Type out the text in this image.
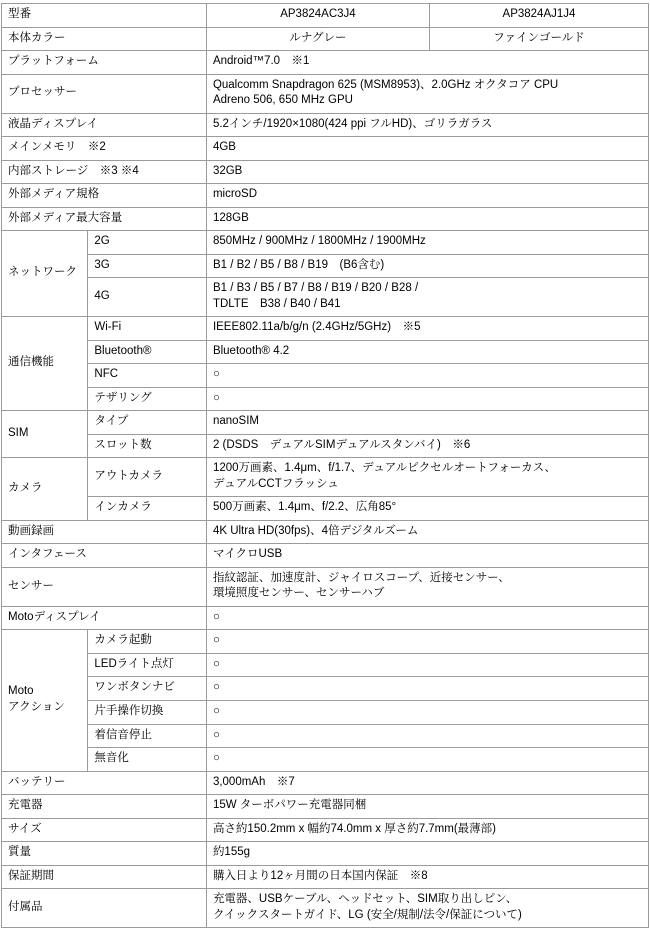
型番		AP3824AC3J4	AP3824AJ1J4
本体カラー		ルナグレー	ファインゴールド
プラットフォーム		Android™7.0　※1	
プロセッサー		Qualcomm Snapdragon 625 (MSM8953)、2.0GHz オクタコア CPU
Adreno 506, 650 MHz GPU	

液晶ディスプレイ		5.2インチ/1920×1080(424 ppi フルHD)、ゴリラガラス	
メインメモリ　※2		4GB	
内部ストレージ　※3 ※4		32GB	
外部メディア規格		microSD	
外部メディア最大容量		128GB	
ネットワーク	2G	850MHz / 900MHz / 1800MHz / 1900MHz	
	3G	B1 / B2 / B5 / B8 / B19　(B6含む)	
	4G	B1 / B3 / B5 / B7 / B8 / B19 / B20 / B28 /
TDLTE　B38 / B40 / B41	

通信機能	Wi-Fi	IEEE802.11a/b/g/n (2.4GHz/5GHz)　※5	
	Bluetooth®	Bluetooth® 4.2	
	NFC	○	
	テザリング	○	
SIM	タイプ	nanoSIM	
	スロット数	2 (DSDS　デュアルSIMデュアルスタンバイ)　※6	
カメラ	アウトカメラ	1200万画素、1.4μm、f/1.7、デュアルピクセルオートフォーカス、
デュアルCCTフラッシュ	

	インカメラ	500万画素、1.4μm、f/2.2、広角85°	
動画録画		4K Ultra HD(30fps)、4倍デジタルズーム	
インタフェース		マイクロUSB	
センサー		指紋認証、加速度計、ジャイロスコープ、近接センサー、
環境照度センサー、センサーハブ	

Motoディスプレイ		○	

Moto
アクション	カメラ起動	○	
	LEDライト点灯	○	
	ワンボタンナビ	○	
	片手操作切換	○	
	着信音停止	○	
	無音化	○	
バッテリー		3,000mAh　※7	
充電器		15W ターボパワー充電器同梱	
サイズ		高さ約150.2mm x 幅約74.0mm x 厚さ約7.7mm(最薄部)	
質量		約155g	
保証期間		購入日より12ヶ月間の日本国内保証　※8	
付属品		充電器、USBケーブル、ヘッドセット、SIM取り出しピン、
クイックスタートガイド、LG (安全/規制/法令/保証について)	
